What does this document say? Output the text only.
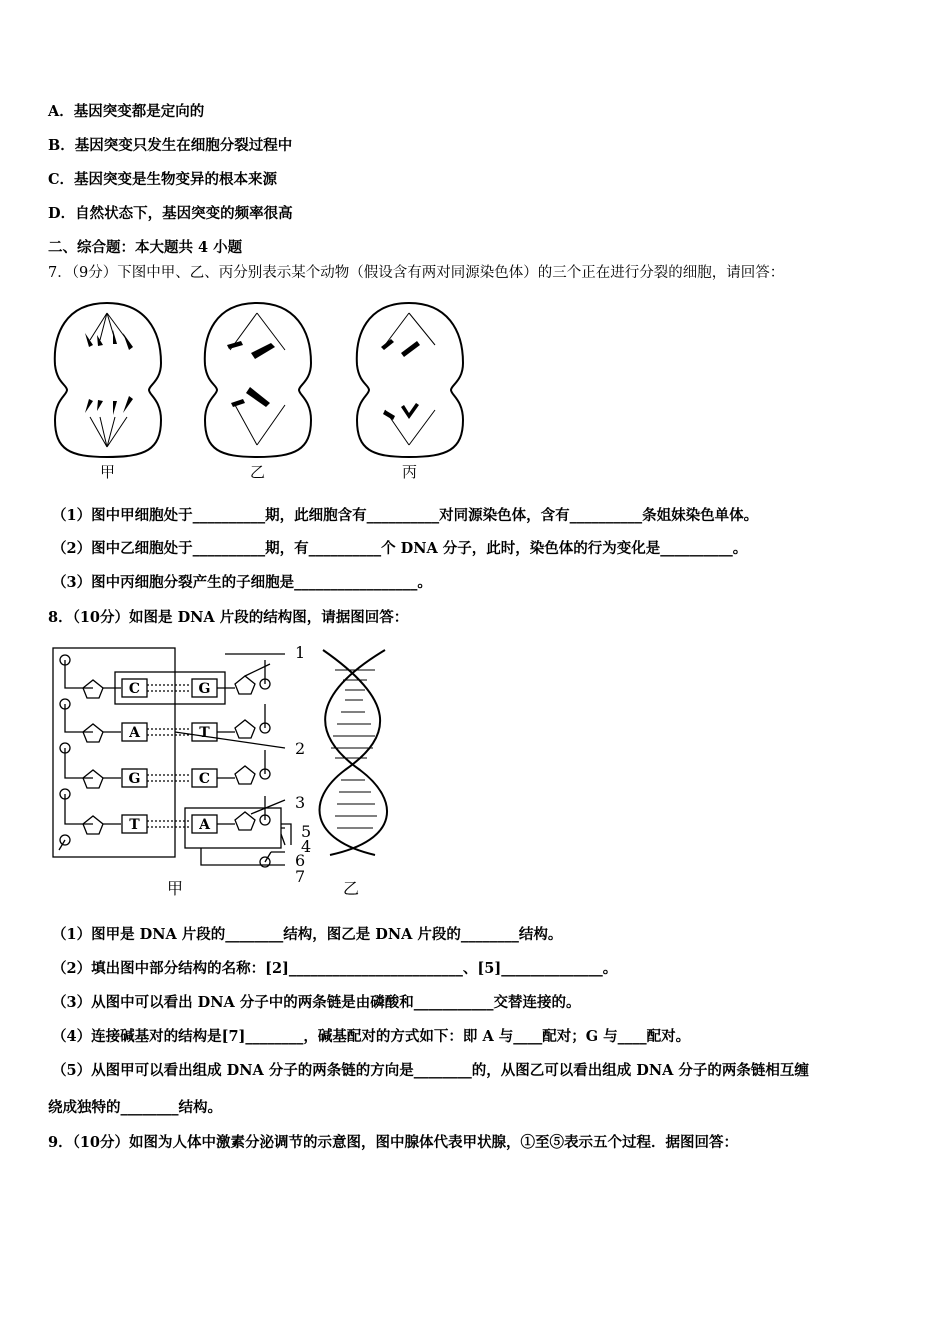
A．基因突变都是定向的
B．基因突变只发生在细胞分裂过程中
C．基因突变是生物变异的根本来源
D．自然状态下，基因突变的频率很高
二、综合题：本大题共 4 小题
7．（9分）下图中甲、乙、丙分别表示某个动物（假设含有两对同源染色体）的三个正在进行分裂的细胞，请回答：
甲	乙	丙
（1）图中甲细胞处于__________期，此细胞含有__________对同源染色体，含有__________条姐妹染色单体。
（2）图中乙细胞处于__________期，有__________个 DNA 分子，此时，染色体的行为变化是__________。
（3）图中丙细胞分裂产生的子细胞是_________________。
8．（10分）如图是 DNA 片段的结构图，请据图回答：
C
A
G
T
G
T
C
A
1
2
3
4
5
6
7
甲	乙
（1）图甲是 DNA 片段的________结构，图乙是 DNA 片段的________结构。
（2）填出图中部分结构的名称：[2]________________________、[5]______________。
（3）从图中可以看出 DNA 分子中的两条链是由磷酸和___________交替连接的。
（4）连接碱基对的结构是[7]________，碱基配对的方式如下：即 A 与____配对；G 与____配对。
（5）从图甲可以看出组成 DNA 分子的两条链的方向是________的，从图乙可以看出组成 DNA 分子的两条链相互缠
绕成独特的________结构。
9．（10分）如图为人体中激素分泌调节的示意图，图中腺体代表甲状腺，①至⑤表示五个过程．据图回答：
